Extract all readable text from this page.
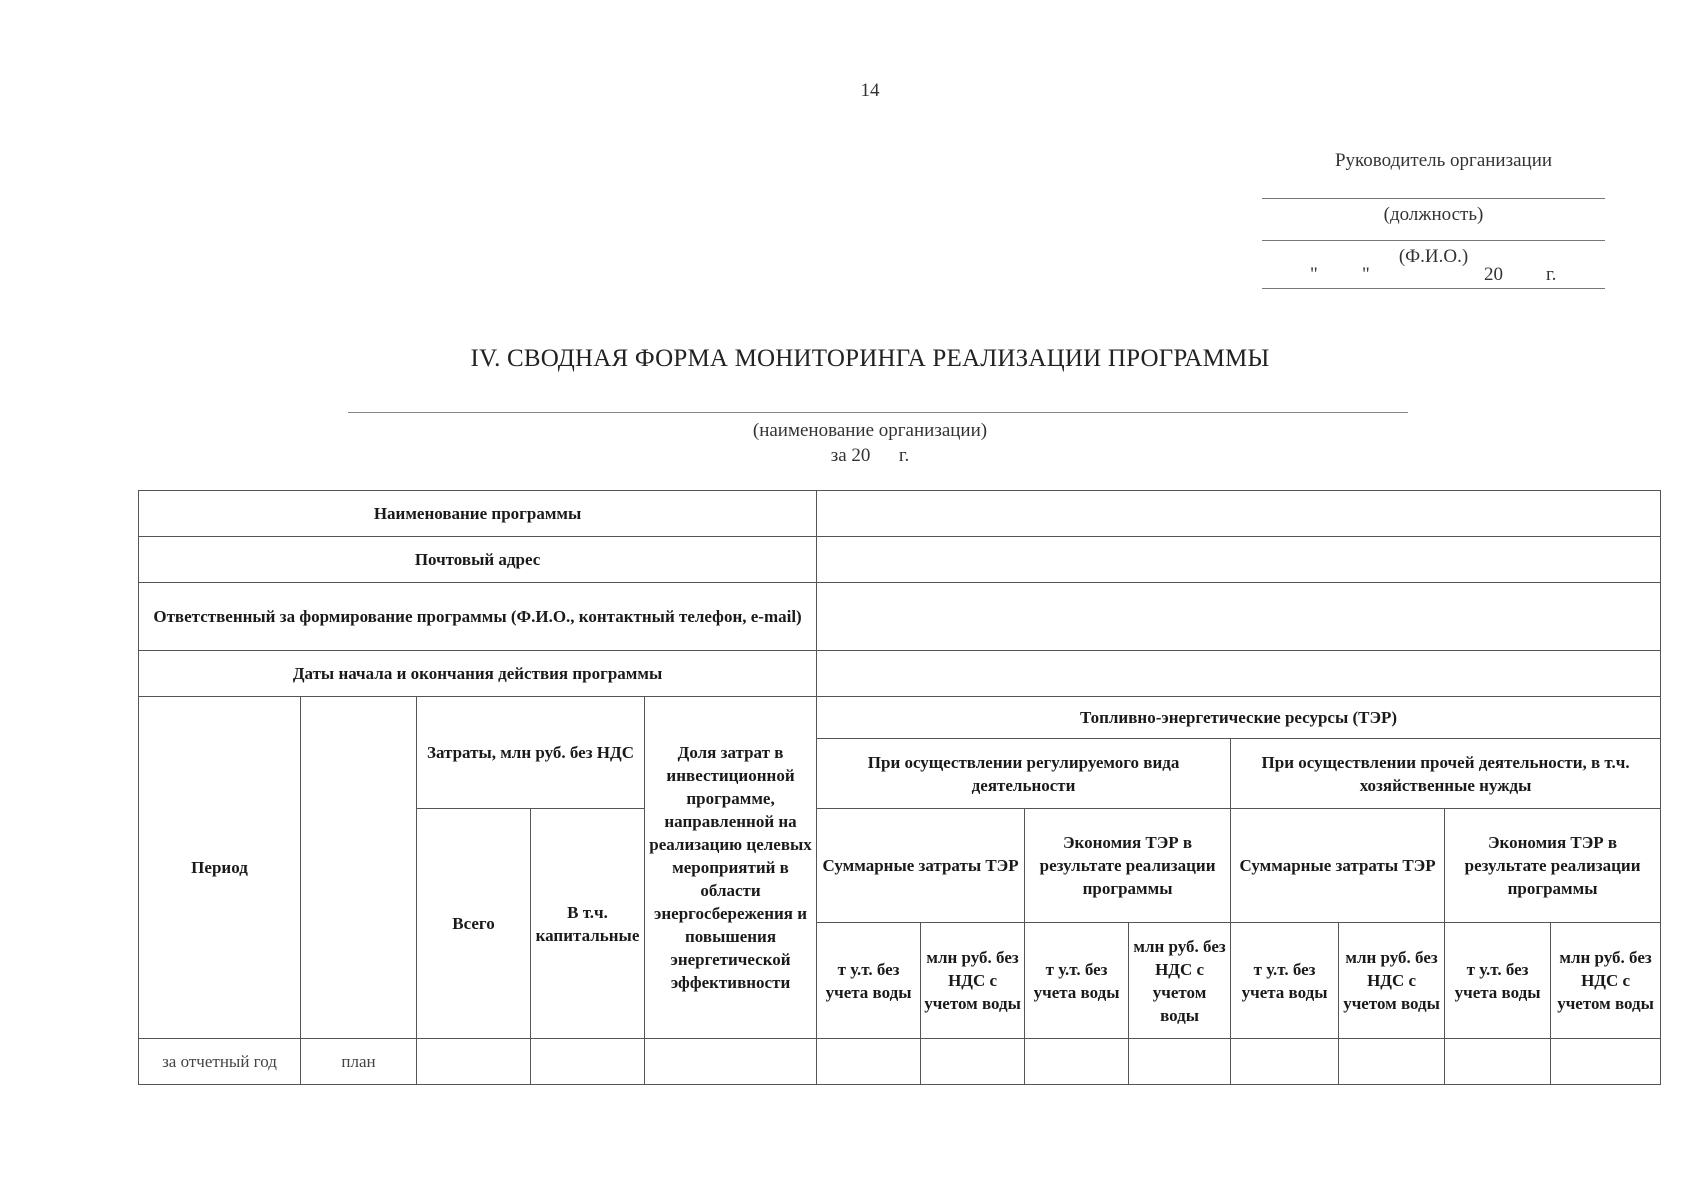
14
Руководитель организации
(должность)
(Ф.И.О.)
" "	20 г.
IV. СВОДНАЯ ФОРМА МОНИТОРИНГА РЕАЛИЗАЦИИ ПРОГРАММЫ
(наименование организации)
за 20      г.
Наименование программы												
Почтовый адрес												
Ответственный за формирование программы (Ф.И.О., контактный телефон, e-mail)												
Даты начала и окончания действия программы												
Период		Затраты, млн руб. без НДС		Доля затрат в инвестиционной программе, направленной на реализацию целевых мероприятий в области энергосбережения и повышения энергетической эффективности	Топливно-энергетические ресурсы (ТЭР)							
					При осуществлении регулируемого вида деятельности				При осуществлении прочей деятельности, в т.ч. хозяйственные нужды			
		Всего	В т.ч. капитальные		Суммарные затраты ТЭР		Экономия ТЭР в результате реализации программы		Суммарные затраты ТЭР		Экономия ТЭР в результате реализации программы	

					т у.т. без учета воды	млн руб. без НДС с учетом воды	т у.т. без учета воды	млн руб. без НДС с учетом воды	т у.т. без учета воды	млн руб. без НДС с учетом воды	т у.т. без учета воды	млн руб. без НДС с учетом воды
за отчетный год	план											
